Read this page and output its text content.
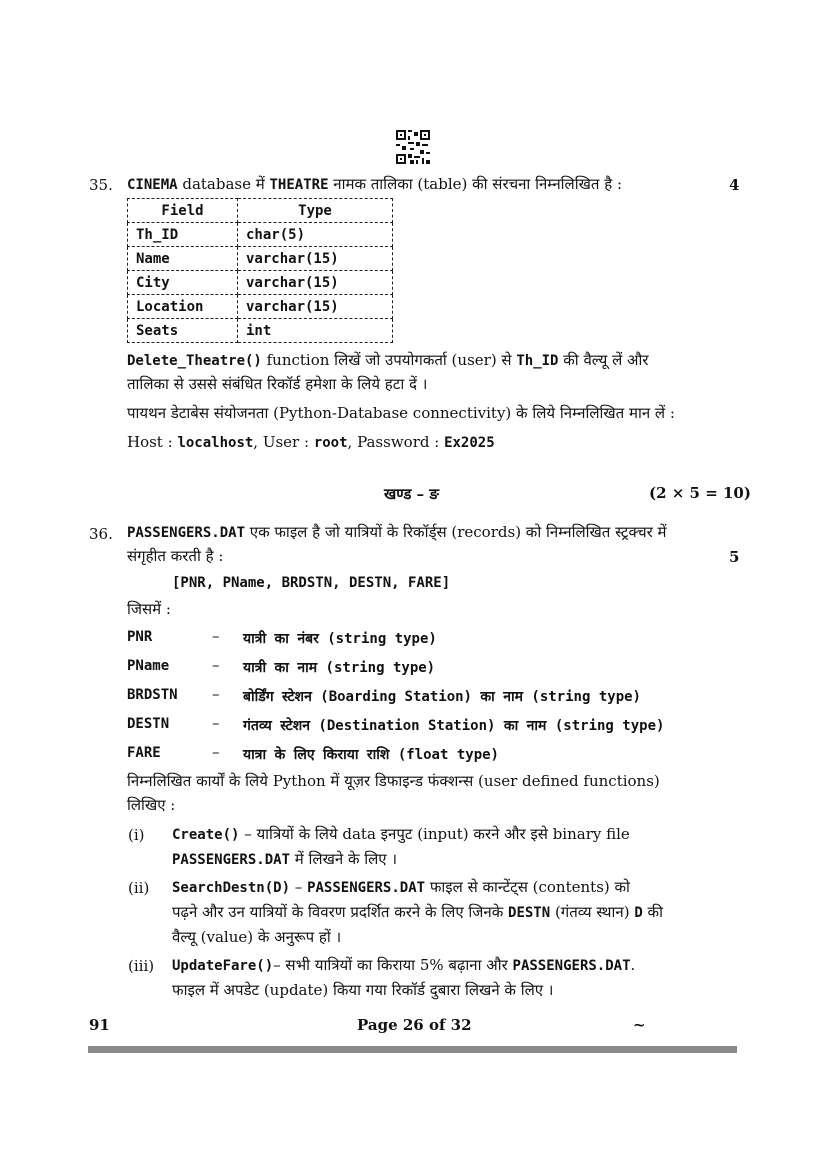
35. CINEMA database में THEATRE नामक तालिका (table) की संरचना निम्नलिखित है :	4
Field	Type
Th_ID	char(5)
Name	varchar(15)
City	varchar(15)
Location	varchar(15)
Seats	int
Delete_Theatre() function लिखें जो उपयोगकर्ता (user) से Th_ID की वैल्यू लें और
तालिका से उससे संबंधित रिकॉर्ड हमेशा के लिये हटा दें ।
पायथन डेटाबेस संयोजनता (Python-Database connectivity) के लिये निम्नलिखित मान लें :
Host : localhost, User : root, Password : Ex2025
खण्ड – ङ	(2 × 5 = 10)
36. PASSENGERS.DAT एक फाइल है जो यात्रियों के रिकॉर्ड्स (records) को निम्नलिखित स्ट्रक्चर में
संगृहीत करती है :	5
[PNR, PName, BRDSTN, DESTN, FARE]
जिसमें :
PNR	– यात्री का नंबर (string type)
PName	– यात्री का नाम (string type)
BRDSTN – बोर्डिंग स्टेशन (Boarding Station) का नाम (string type)
DESTN	– गंतव्य स्टेशन (Destination Station) का नाम (string type)
FARE	– यात्रा के लिए किराया राशि (float type)
निम्नलिखित कार्यों के लिये Python में यूज़र डिफाइन्ड फंक्शन्स (user defined functions)
लिखिए :
(i) Create() – यात्रियों के लिये data इनपुट (input) करने और इसे binary file
PASSENGERS.DAT में लिखने के लिए ।
(ii) SearchDestn(D) – PASSENGERS.DAT फाइल से कान्टेंट्स (contents) को
पढ़ने और उन यात्रियों के विवरण प्रदर्शित करने के लिए जिनके DESTN (गंतव्य स्थान) D की
वैल्यू (value) के अनुरूप हों ।
(iii) UpdateFare()– सभी यात्रियों का किराया 5% बढ़ाना और PASSENGERS.DAT.
फाइल में अपडेट (update) किया गया रिकॉर्ड दुबारा लिखने के लिए ।
91	Page 26 of 32	~
